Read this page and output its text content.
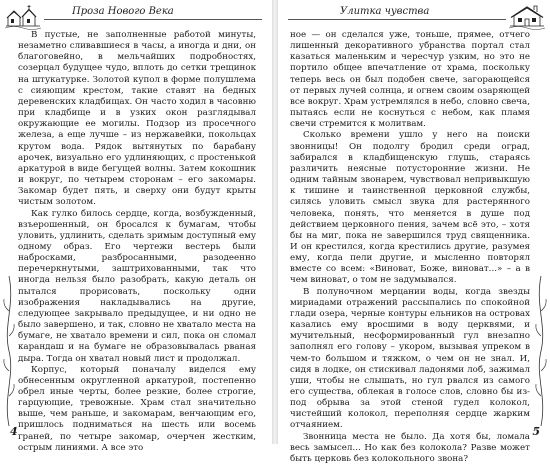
Проза Нового Века

В пустые, не заполненные работой минуты, незаметно сливавшиеся в часы, а иногда и дни, он благоговейно, в мельчайших подробностях, созерцал будущее чудо, вплоть до сетки трещинок на штукатурке. Золотой купол в форме полушлема с сияющим крестом, такие ставят на бедных деревенских кладбищах. Он часто ходил в часовню при кладбище и в узких окон разглядывал окружающие ее могилы. Подзор из просечного железа, а еще лучше – из нержавейки, покольцах крутом вода. Рядок вытянутых по барабану арочек, визуально его удлиняющих, с простенькой аркатурой в виде бегущей волны. Затем кокошник и вокруг, по четырем сторонам – его закомары. Закомар будет пять, и сверху они будут крыты чистым золотом.

Как гулко билось сердце, когда, возбужденный, взъерошенный, он бросался к бумагам, чтобы уловить, удлинить, сделать зримым доступный ему одному образ. Его чертежи вестерь были набросками, разбросанными, разодеенно перечеркнутыми, заштрихованными, так что иногда нельзя было разобрать, какую деталь он пытался прорисовать, поскольку одни изображения накладывались на другие, следующее закрывало предыдущее, и ни одно не было завершено, и так, словно не хватало места на бумаге, не хватало времени и сил, пока он сломал карандаш и на бумаге не образовывалась рваная дыра. Тогда он хватал новый лист и продолжал.

Корпус, который поначалу виделся ему обнесенным округленной аркатурой, постепенно обрел иные черты, более резкие, более строгие, гарцующие, тревожные. Храм стал значительно выше, чем раньше, и закомарам, венчающим его, пришлось подниматься на шесть или восемь граней, по четыре закомар, очерчен жестким, острым линиями. А все это

4
Улитка чувства

ное — он сделался уже, тоньше, прямее, отчего лишенный декоративного убранства портал стал казаться маленьким и чересчур узким, но это не портило общее впечатление от храма, поскольку теперь весь он был подобен свече, загорающейся от первых лучей солнца, и огнем своим озаряющей все вокруг. Храм устремлялся в небо, словно свеча, пытаясь если не коснуться с небом, как пламя свечи стремится к молитвам.

Сколько времени ушло у него на поиски звонницы! Он подолгу бродил среди оград, забирался в кладбищенскую глушь, стараясь различить неясные потусторонние жизни. Не одним тайным звонарем, чувствовал непривыкшую к тишине и таинственной церковной службы, силясь уловить смысл звука для растерянного человека, понять, что меняется в душе под действием церковного пения, зачем всё это, – хотя бы на миг, пока не завершился труд священника. И он крестился, когда крестились другие, разумея ему, когда пели другие, и мысленно повторял вместе со всем: «Виноват, Боже, виноват...» – а в чем виноват, о том не задумывался.

В полуночном мерцании воды, когда звезды мириадами отражений рассыпались по спокойной глади озера, черные контуры ельников на островах казались ему вросшими в воду церквями, и мучительный, несформированный гул внезапно заполнял его голову – укором, вызывая упреком в чем-то большом и тяжком, о чем он не знал. И, сидя в лодке, он стискивал ладонями лоб, зажимал уши, чтобы не слышать, но гул рвался из самого его существа, облекая в голосе слов, словно бы из-под обрыва за этой стеной гудел колокол, чистейший колокол, переполняя сердце жарким отчаянием.

Звонница места не было. Да хотя бы, ломала весь замысел... Но как без колокола? Разве может быть церковь без колокольного звона?

5
